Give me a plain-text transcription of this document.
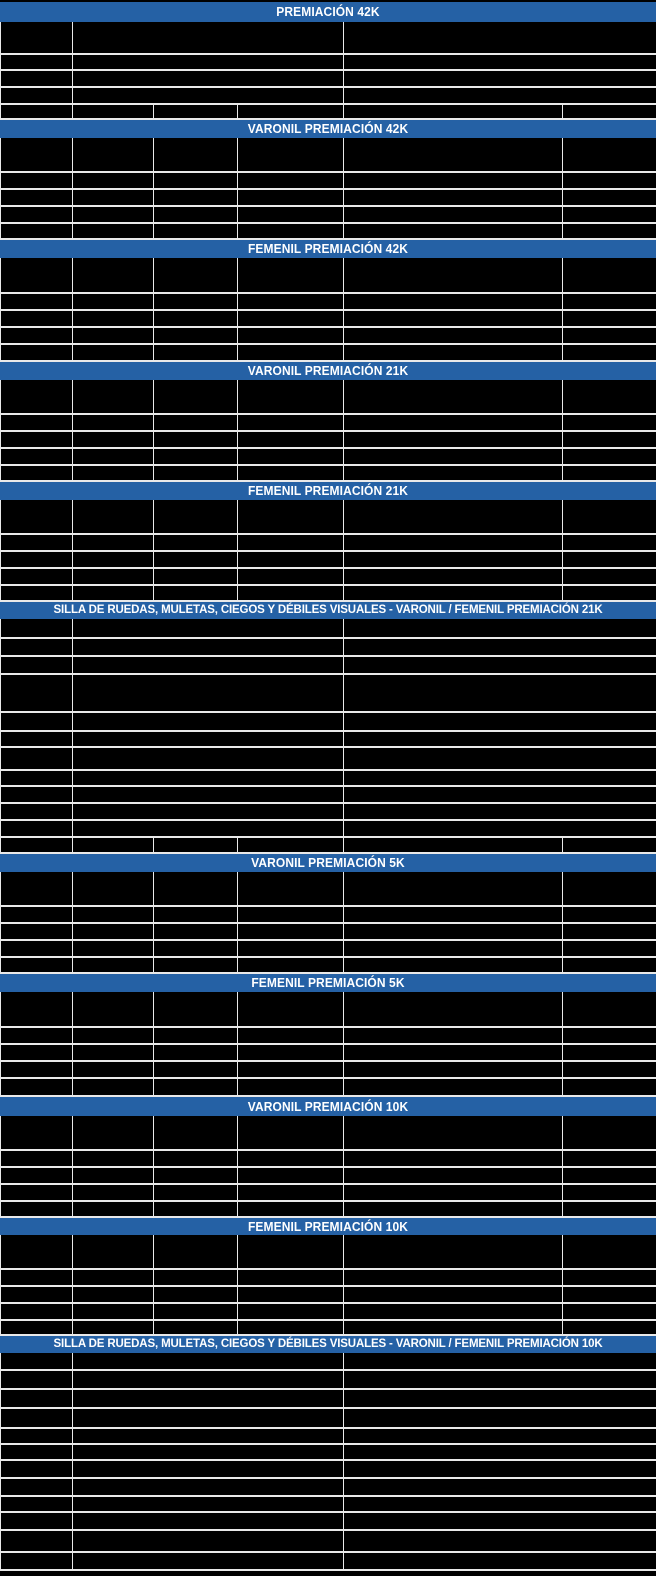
PREMIACIÓN 42K
VARONIL PREMIACIÓN 42K
FEMENIL PREMIACIÓN 42K
VARONIL PREMIACIÓN 21K
FEMENIL PREMIACIÓN 21K
SILLA DE RUEDAS, MULETAS, CIEGOS Y DÉBILES VISUALES - VARONIL / FEMENIL PREMIACIÓN 21K
VARONIL PREMIACIÓN 5K
FEMENIL PREMIACIÓN 5K
VARONIL PREMIACIÓN 10K
FEMENIL PREMIACIÓN 10K
SILLA DE RUEDAS, MULETAS, CIEGOS Y DÉBILES VISUALES - VARONIL / FEMENIL PREMIACIÓN 10K
